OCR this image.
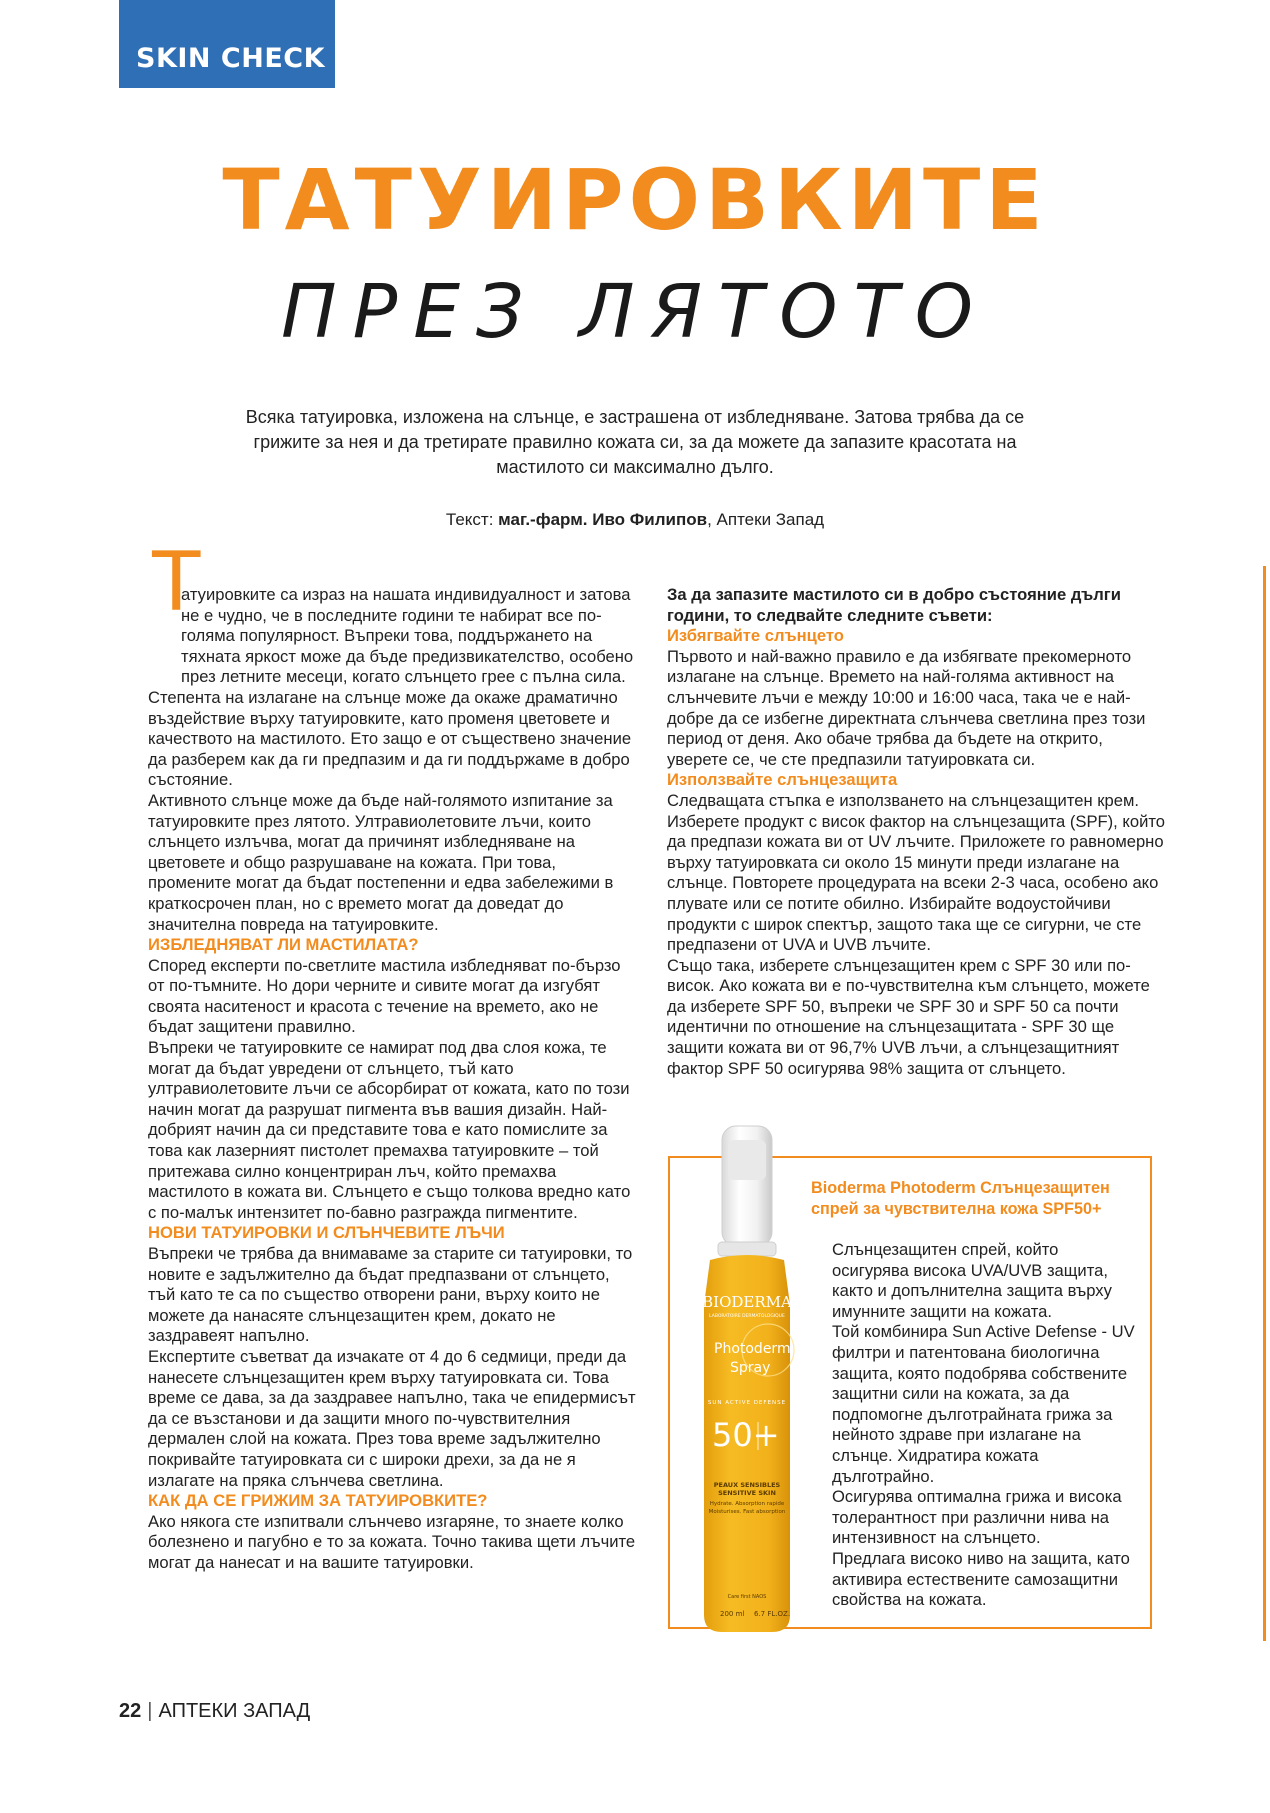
SKIN CHECK
ТАТУИРОВКИТЕ
ПРЕЗ ЛЯТОТО

Всяка татуировка, изложена на слънце, е застрашена от избледняване. Затова трябва да се грижите за нея и да третирате правилно кожата си, за да можете да запазите красотата на мастилото си максимално дълго.

Текст: маг.-фарм. Иво Филипов, Аптеки Запад

Т

атуировките са израз на нашата индивидуалност и затова не е чудно, че в последните години те набират все по-голяма популярност. Въпреки това, поддържането на тяхната яркост може да бъде предизвикателство, особено през летните месеци, когато слънцето грее с пълна сила.

Степента на излагане на слънце може да окаже драматично въздействие върху татуировките, като променя цветовете и качеството на мастилото. Ето защо е от съществено значение да разберем как да ги предпазим и да ги поддържаме в добро състояние.

Активното слънце може да бъде най-голямото изпитание за татуировките през лятото. Ултравиолетовите лъчи, които слънцето излъчва, могат да причинят избледняване на цветовете и общо разрушаване на кожата. При това, промените могат да бъдат постепенни и едва забележими в краткосрочен план, но с времето могат да доведат до значителна повреда на татуировките.

ИЗБЛЕДНЯВАТ ЛИ МАСТИЛАТА?

Според експерти по-светлите мастила избледняват по-бързо от по-тъмните. Но дори черните и сивите могат да изгубят своята наситеност и красота с течение на времето, ако не бъдат защитени правилно.

Въпреки че татуировките се намират под два слоя кожа, те могат да бъдат увредени от слънцето, тъй като ултравиолетовите лъчи се абсорбират от кожата, като по този начин могат да разрушат пигмента във вашия дизайн. Най-добрият начин да си представите това е като помислите за това как лазерният пистолет премахва татуировките – той притежава силно концентриран лъч, който премахва мастилото в кожата ви. Слънцето е също толкова вредно като с по-малък интензитет по-бавно разгражда пигментите.

НОВИ ТАТУИРОВКИ И СЛЪНЧЕВИТЕ ЛЪЧИ

Въпреки че трябва да внимаваме за старите си татуировки, то новите е задължително да бъдат предпазвани от слънцето, тъй като те са по същество отворени рани, върху които не можете да нанасяте слънцезащитен крем, докато не заздравеят напълно.

Експертите съветват да изчакате от 4 до 6 седмици, преди да нанесете слънцезащитен крем върху татуировката си. Това време се дава, за да заздравее напълно, така че епидермисът да се възстанови и да защити много по-чувствителния дермален слой на кожата. През това време задължително покривайте татуировката си с широки дрехи, за да не я излагате на пряка слънчева светлина.

КАК ДА СЕ ГРИЖИМ ЗА ТАТУИРОВКИТЕ?

Ако някога сте изпитвали слънчево изгаряне, то знаете колко болезнено и пагубно е то за кожата. Точно такива щети лъчите могат да нанесат и на вашите татуировки.

За да запазите мастилото си в добро състояние дълги години, то следвайте следните съвети:

Избягвайте слънцето

Първото и най-важно правило е да избягвате прекомерното излагане на слънце. Времето на най-голяма активност на слънчевите лъчи е между 10:00 и 16:00 часа, така че е най-добре да се избегне директната слънчева светлина през този период от деня. Ако обаче трябва да бъдете на открито, уверете се, че сте предпазили татуировката си.

Използвайте слънцезащита

Следващата стъпка е използването на слънцезащитен крем. Изберете продукт с висок фактор на слънцезащита (SPF), който да предпази кожата ви от UV лъчите. Приложете го равномерно върху татуировката си около 15 минути преди излагане на слънце. Повторете процедурата на всеки 2-3 часа, особено ако плувате или се потите обилно. Избирайте водоустойчиви продукти с широк спектър, защото така ще се сигурни, че сте предпазени от UVA и UVB лъчите.

Също така, изберете слънцезащитен крем с SPF 30 или по-висок. Ако кожата ви е по-чувствителна към слънцето, можете да изберете SPF 50, въпреки че SPF 30 и SPF 50 са почти идентични по отношение на слънцезащитата - SPF 30 ще защити кожата ви от 96,7% UVB лъчи, а слънцезащитният фактор SPF 50 осигурява 98% защита от слънцето.

Bioderma Photoderm Слънцезащитен спрей за чувствителна кожа SPF50+

Слънцезащитен спрей, който осигурява висока UVA/UVB защита, както и допълнителна защита върху имунните защити на кожата.

Той комбинира Sun Active Defense - UV филтри и патентована биологична защита, която подобрява собствените защитни сили на кожата, за да подпомогне дълготрайната грижа за нейното здраве при излагане на слънце. Хидратира кожата дълготрайно.

Осигурява оптимална грижа и висока толерантност при различни нива на интензивност на слънцето.

Предлага високо ниво на защита, като активира естествените самозащитни свойства на кожата.

BIODERMA
LABORATOIRE DERMATOLOGIQUE
Photoderm
Spray
SUN ACTIVE DEFENSE
50+
PEAUX SENSIBLES
SENSITIVE SKIN
Hydrate. Absorption rapide
Moisturises. Fast absorption
Care first NAOS
200 ml 6.7 FL.OZ.
22 | АПТЕКИ ЗАПАД
